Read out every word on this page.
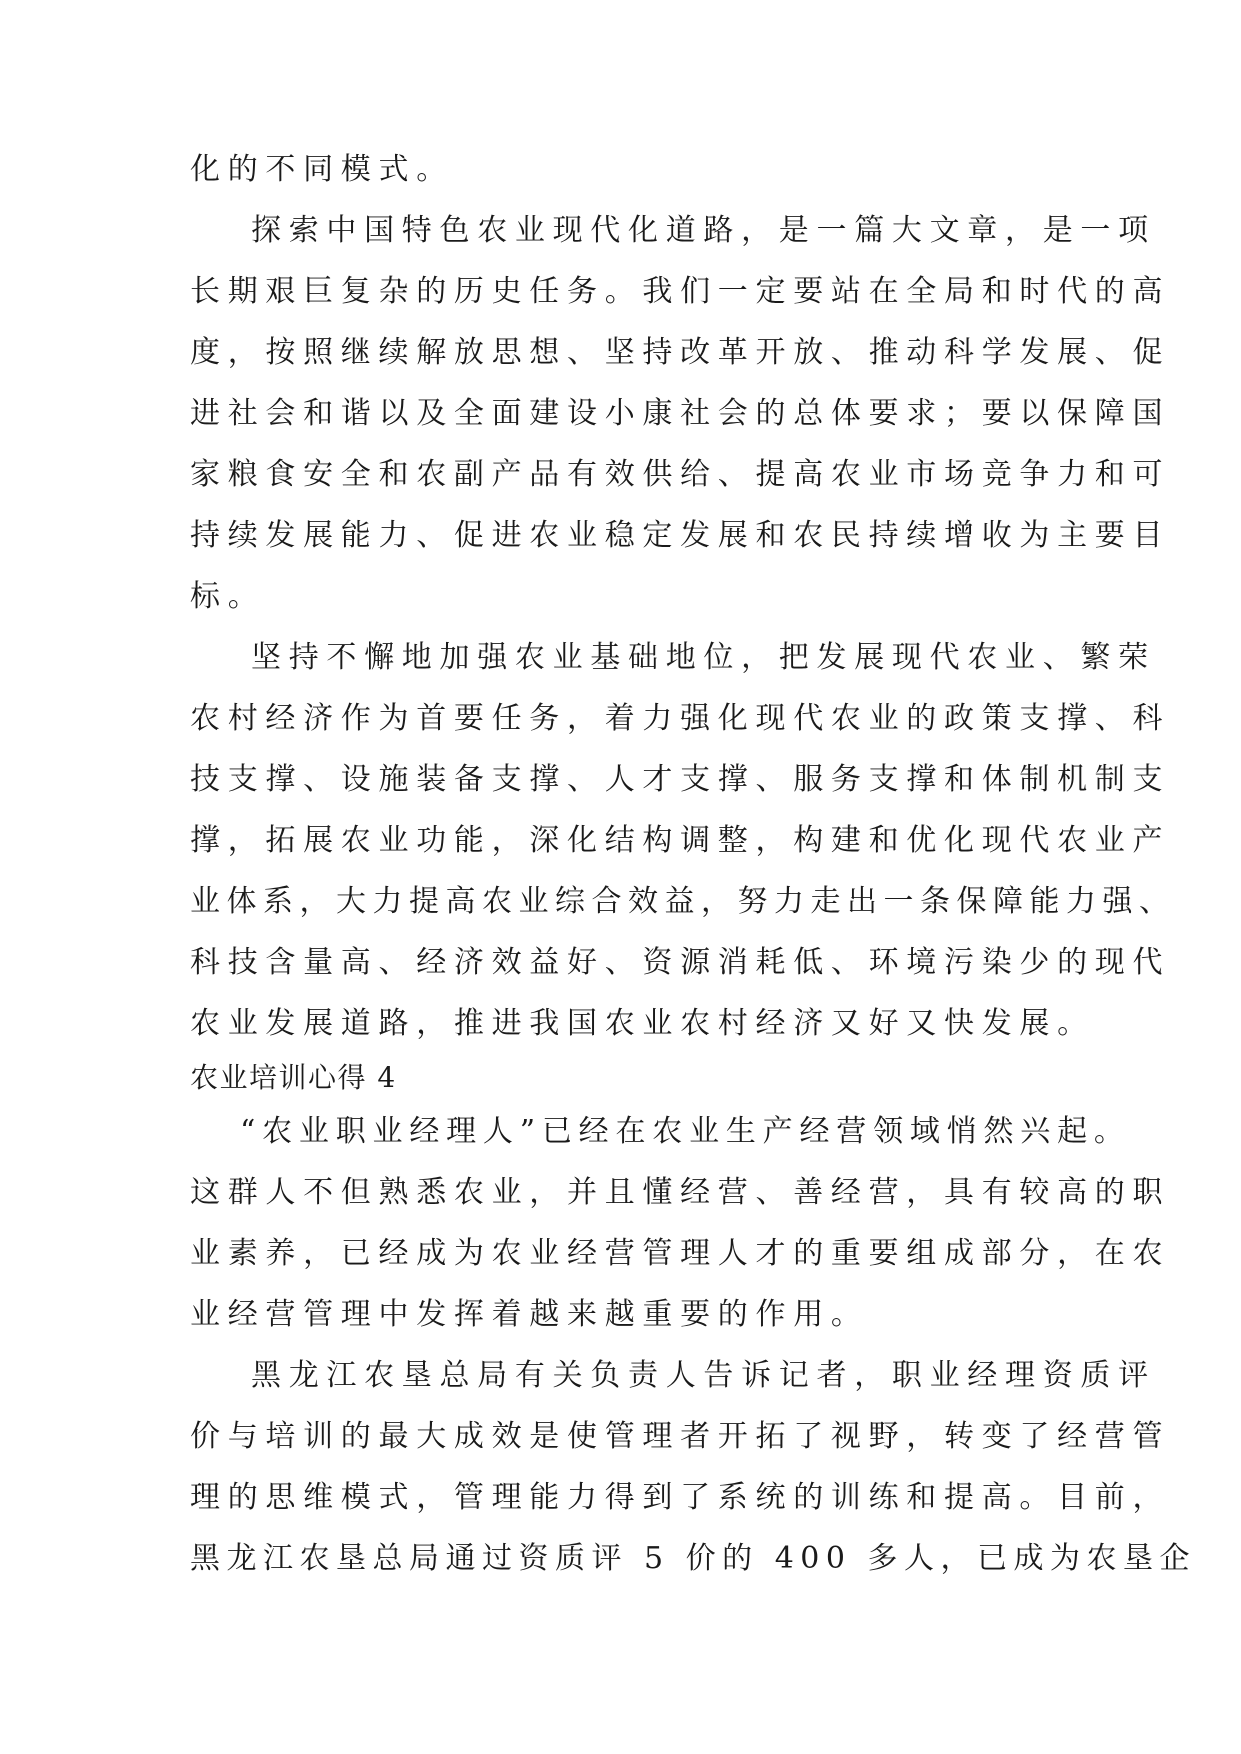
化的不同模式。
探索中国特色农业现代化道路，是一篇大文章，是一项
长期艰巨复杂的历史任务。我们一定要站在全局和时代的高
度，按照继续解放思想、坚持改革开放、推动科学发展、促
进社会和谐以及全面建设小康社会的总体要求；要以保障国
家粮食安全和农副产品有效供给、提高农业市场竞争力和可
持续发展能力、促进农业稳定发展和农民持续增收为主要目
标。
坚持不懈地加强农业基础地位，把发展现代农业、繁荣
农村经济作为首要任务，着力强化现代农业的政策支撑、科
技支撑、设施装备支撑、人才支撑、服务支撑和体制机制支
撑，拓展农业功能，深化结构调整，构建和优化现代农业产
业体系，大力提高农业综合效益，努力走出一条保障能力强、
科技含量高、经济效益好、资源消耗低、环境污染少的现代
农业发展道路，推进我国农业农村经济又好又快发展。
农业培训心得 4
“农业职业经理人”已经在农业生产经营领域悄然兴起。
这群人不但熟悉农业，并且懂经营、善经营，具有较高的职
业素养，已经成为农业经营管理人才的重要组成部分，在农
业经营管理中发挥着越来越重要的作用。
黑龙江农垦总局有关负责人告诉记者，职业经理资质评
价与培训的最大成效是使管理者开拓了视野，转变了经营管
理的思维模式，管理能力得到了系统的训练和提高。目前，
黑龙江农垦总局通过资质评 5 价的 400 多人，已成为农垦企
